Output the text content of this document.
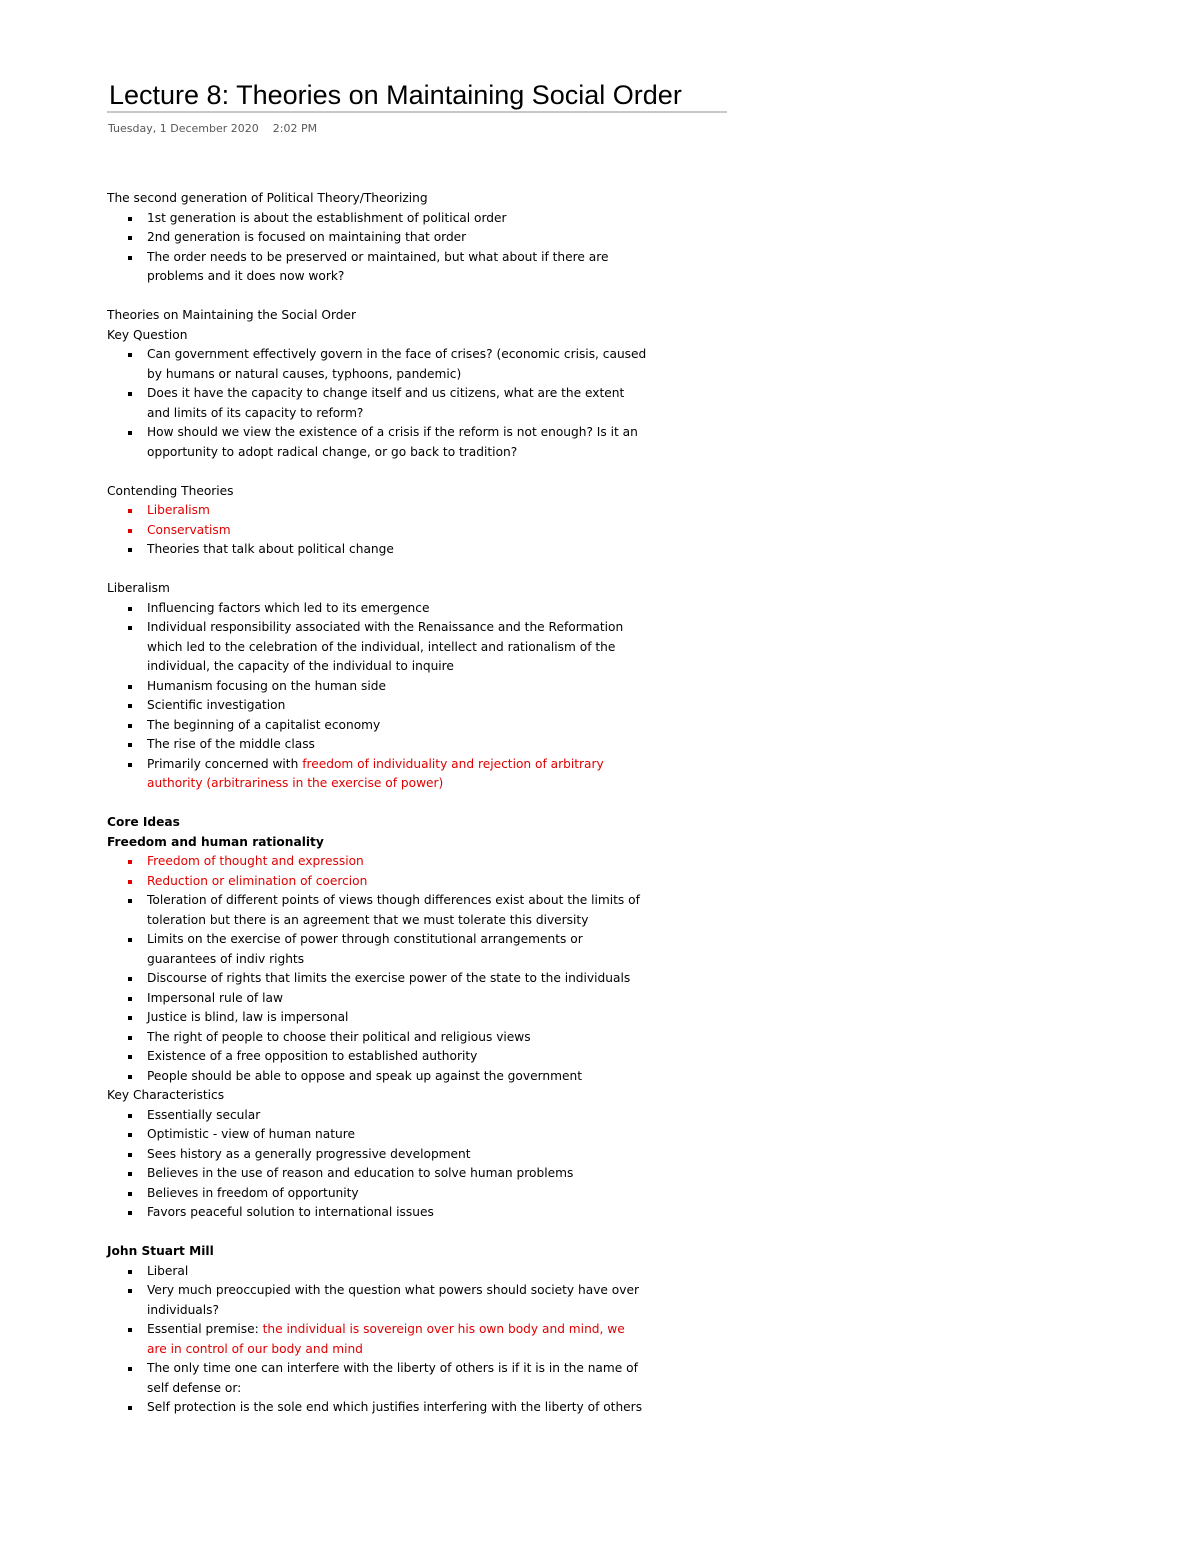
Lecture 8: Theories on Maintaining Social Order
Tuesday, 1 December 2020 2:02 PM
The second generation of Political Theory/Theorizing
1st generation is about the establishment of political order
2nd generation is focused on maintaining that order
The order needs to be preserved or maintained, but what about if there are problems and it does now work?
Theories on Maintaining the Social Order
Key Question
Can government effectively govern in the face of crises? (economic crisis, caused by humans or natural causes, typhoons, pandemic)
Does it have the capacity to change itself and us citizens, what are the extent and limits of its capacity to reform?
How should we view the existence of a crisis if the reform is not enough? Is it an opportunity to adopt radical change, or go back to tradition?
Contending Theories
Liberalism
Conservatism
Theories that talk about political change
Liberalism
Influencing factors which led to its emergence
Individual responsibility associated with the Renaissance and the Reformation which led to the celebration of the individual, intellect and rationalism of the individual, the capacity of the individual to inquire
Humanism focusing on the human side
Scientific investigation
The beginning of a capitalist economy
The rise of the middle class
Primarily concerned with freedom of individuality and rejection of arbitrary authority (arbitrariness in the exercise of power)
Core Ideas
Freedom and human rationality
Freedom of thought and expression
Reduction or elimination of coercion
Toleration of different points of views though differences exist about the limits of toleration but there is an agreement that we must tolerate this diversity
Limits on the exercise of power through constitutional arrangements or guarantees of indiv rights
Discourse of rights that limits the exercise power of the state to the individuals
Impersonal rule of law
Justice is blind, law is impersonal
The right of people to choose their political and religious views
Existence of a free opposition to established authority
People should be able to oppose and speak up against the government
Key Characteristics
Essentially secular
Optimistic - view of human nature
Sees history as a generally progressive development
Believes in the use of reason and education to solve human problems
Believes in freedom of opportunity
Favors peaceful solution to international issues
John Stuart Mill
Liberal
Very much preoccupied with the question what powers should society have over individuals?
Essential premise: the individual is sovereign over his own body and mind, we are in control of our body and mind
The only time one can interfere with the liberty of others is if it is in the name of self defense or:
Self protection is the sole end which justifies interfering with the liberty of others
